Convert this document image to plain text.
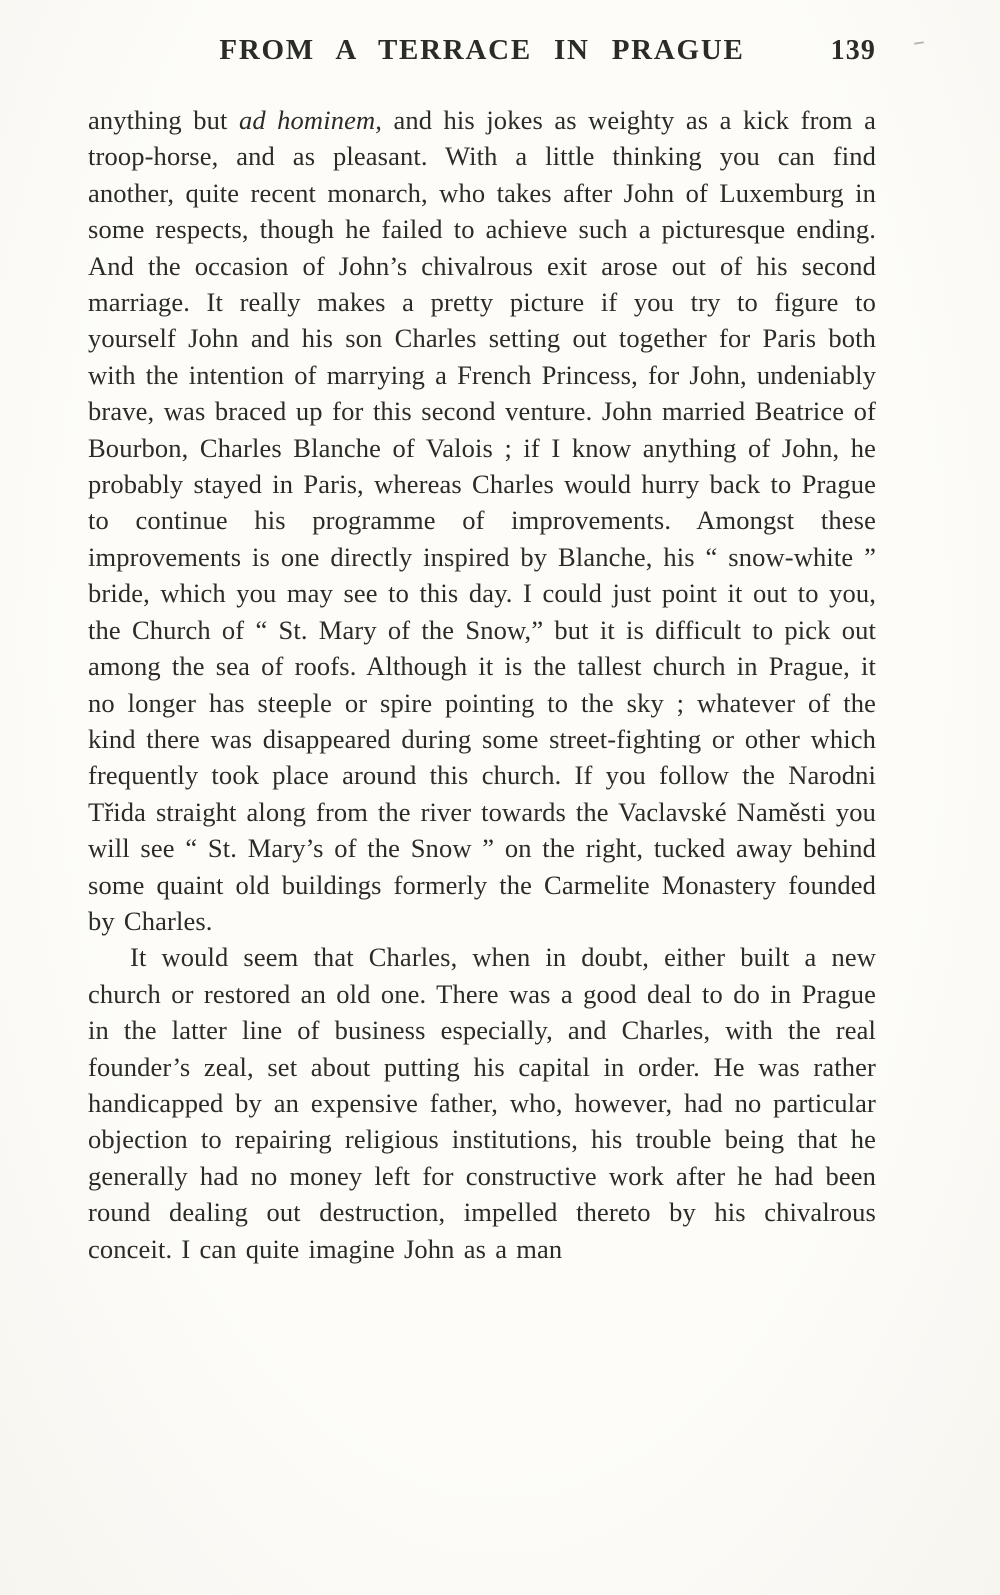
FROM A TERRACE IN PRAGUE	139

anything but ad hominem, and his jokes as weighty as a kick from a troop-horse, and as pleasant. With a little thinking you can find another, quite recent monarch, who takes after John of Luxemburg in some respects, though he failed to achieve such a picturesque ending. And the occasion of John’s chivalrous exit arose out of his second marriage. It really makes a pretty picture if you try to figure to yourself John and his son Charles setting out together for Paris both with the intention of marrying a French Princess, for John, undeniably brave, was braced up for this second venture. John married Beatrice of Bourbon, Charles Blanche of Valois ; if I know anything of John, he probably stayed in Paris, whereas Charles would hurry back to Prague to continue his programme of improvements. Amongst these improvements is one directly inspired by Blanche, his “ snow-white ” bride, which you may see to this day. I could just point it out to you, the Church of “ St. Mary of the Snow,” but it is difficult to pick out among the sea of roofs. Although it is the tallest church in Prague, it no longer has steeple or spire pointing to the sky ; whatever of the kind there was disappeared during some street-fighting or other which frequently took place around this church. If you follow the Narodni Třida straight along from the river towards the Vaclavské Naměsti you will see “ St. Mary’s of the Snow ” on the right, tucked away behind some quaint old buildings formerly the Carmelite Monastery founded by Charles.

It would seem that Charles, when in doubt, either built a new church or restored an old one. There was a good deal to do in Prague in the latter line of business especially, and Charles, with the real founder’s zeal, set about putting his capital in order. He was rather handicapped by an expensive father, who, however, had no particular objection to repairing religious institutions, his trouble being that he generally had no money left for constructive work after he had been round dealing out destruction, impelled thereto by his chivalrous conceit. I can quite imagine John as a man
